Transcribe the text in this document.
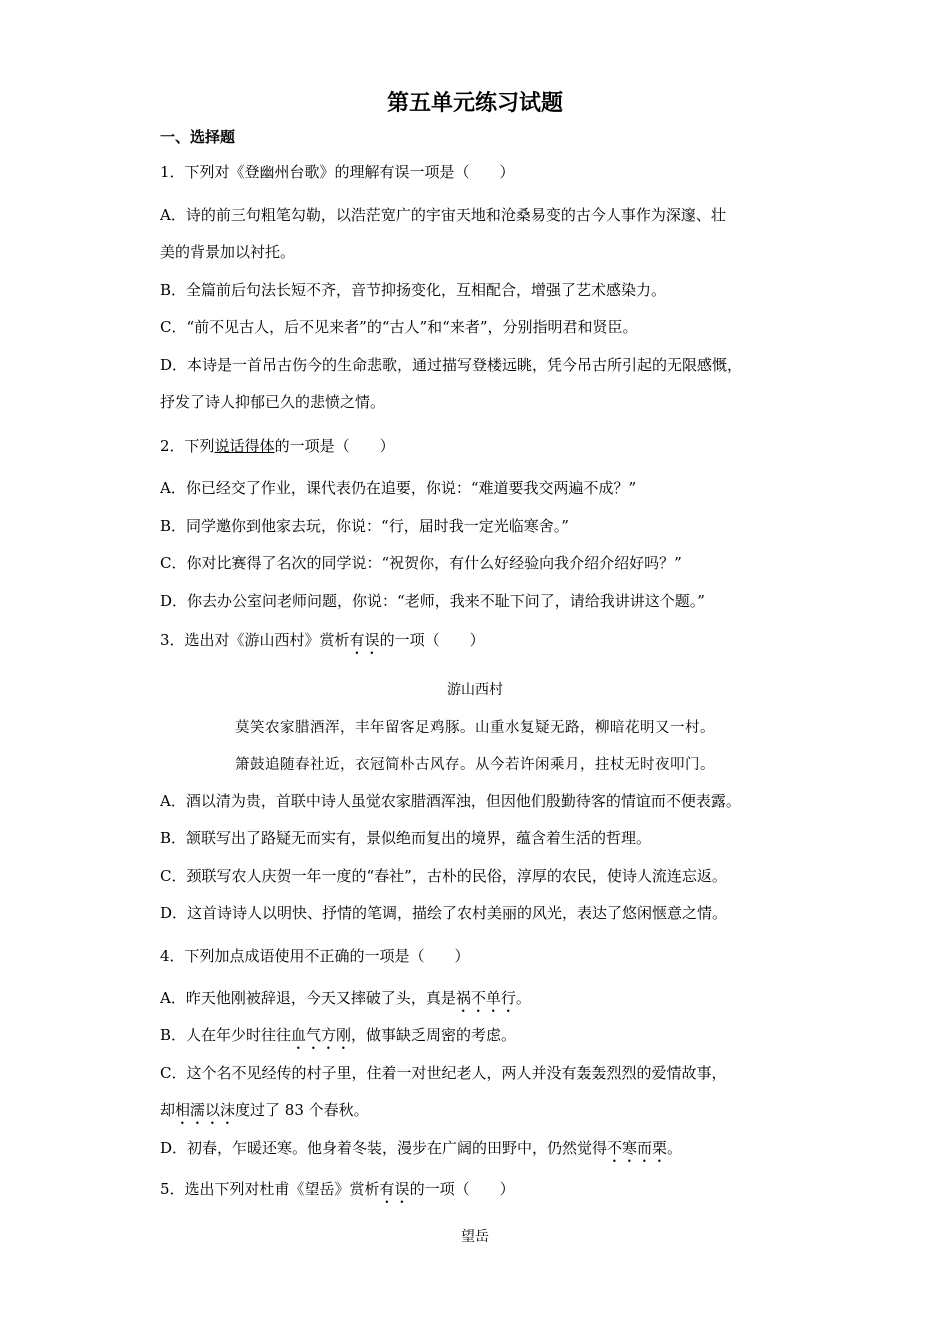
第五单元练习试题
一、选择题
1．下列对《登幽州台歌》的理解有误一项是（　　）
A．诗的前三句粗笔勾勒，以浩茫宽广的宇宙天地和沧桑易变的古今人事作为深邃、壮
美的背景加以衬托。
B．全篇前后句法长短不齐，音节抑扬变化，互相配合，增强了艺术感染力。
C．“前不见古人，后不见来者”的“古人”和“来者”，分别指明君和贤臣。
D．本诗是一首吊古伤今的生命悲歌，通过描写登楼远眺，凭今吊古所引起的无限感慨，
抒发了诗人抑郁已久的悲愤之情。
2．下列说话得体的一项是（　　）
A．你已经交了作业，课代表仍在追要，你说：“难道要我交两遍不成？”
B．同学邀你到他家去玩，你说：“行，届时我一定光临寒舍。”
C．你对比赛得了名次的同学说：“祝贺你，有什么好经验向我介绍介绍好吗？”
D．你去办公室问老师问题，你说：“老师，我来不耻下问了，请给我讲讲这个题。”
3．选出对《游山西村》赏析有误的一项（　　）
游山西村
莫笑农家腊酒浑，丰年留客足鸡豚。山重水复疑无路，柳暗花明又一村。
箫鼓追随春社近，衣冠简朴古风存。从今若许闲乘月，拄杖无时夜叩门。
A．酒以清为贵，首联中诗人虽觉农家腊酒浑浊，但因他们殷勤待客的情谊而不便表露。
B．颔联写出了路疑无而实有，景似绝而复出的境界，蕴含着生活的哲理。
C．颈联写农人庆贺一年一度的“春社”，古朴的民俗，淳厚的农民，使诗人流连忘返。
D．这首诗诗人以明快、抒情的笔调，描绘了农村美丽的风光，表达了悠闲惬意之情。
4．下列加点成语使用不正确的一项是（　　）
A．昨天他刚被辞退，今天又摔破了头，真是祸不单行。
B．人在年少时往往血气方刚，做事缺乏周密的考虑。
C．这个名不见经传的村子里，住着一对世纪老人，两人并没有轰轰烈烈的爱情故事，
却相濡以沫度过了 83 个春秋。
D．初春，乍暖还寒。他身着冬装，漫步在广阔的田野中，仍然觉得不寒而栗。
5．选出下列对杜甫《望岳》赏析有误的一项（　　）
望岳
